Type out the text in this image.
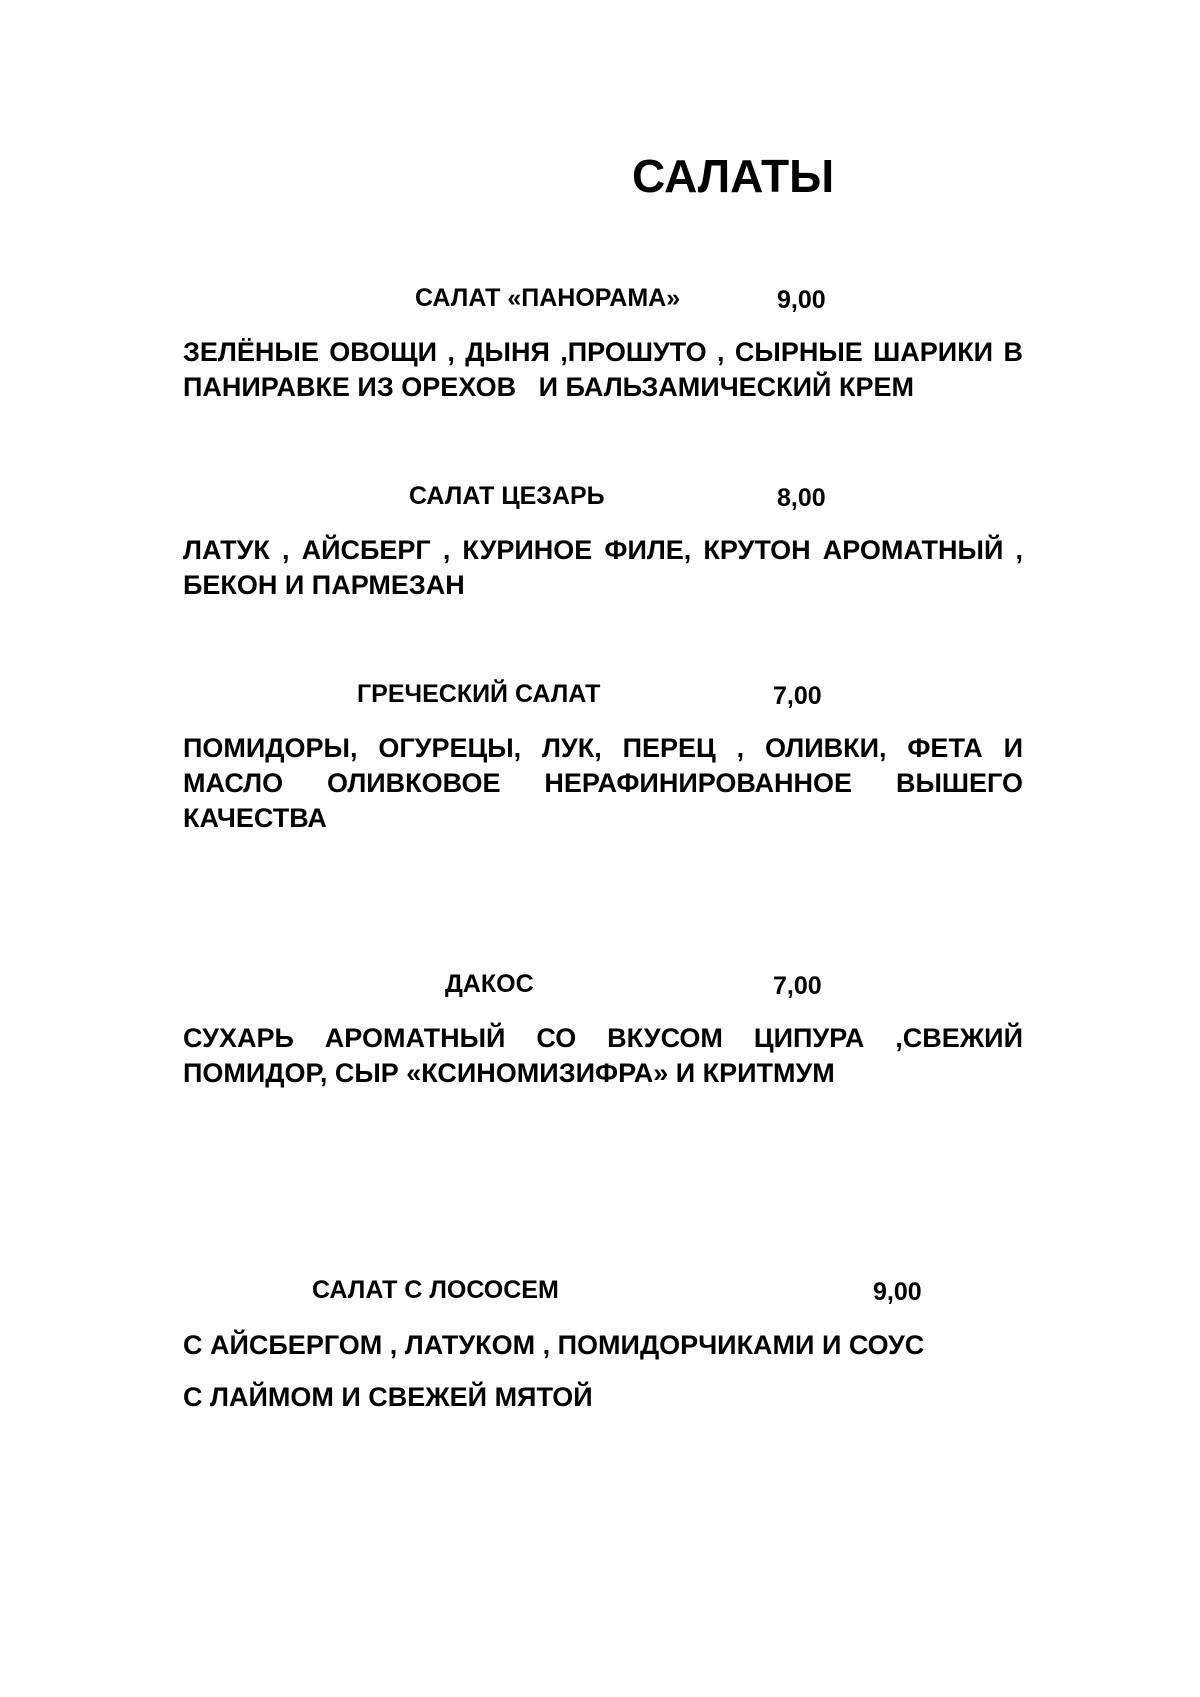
САЛАТЫ
САЛАТ «ПАНОРАМА»	9,00

ЗЕЛЁНЫЕ ОВОЩИ , ДЫНЯ ,ПРОШУТО , СЫРНЫЕ ШАРИКИ В ПАНИРАВКЕ ИЗ ОРЕХОВ   И БАЛЬЗАМИЧЕСКИЙ КРЕМ

САЛАТ ЦЕЗАРЬ	8,00

ЛАТУК , АЙСБЕРГ , КУРИНОЕ ФИЛЕ, КРУТОН АРОМАТНЫЙ , БЕКОН И ПАРМЕЗАН

ГРЕЧЕСКИЙ САЛАТ	7,00

ПОМИДОРЫ, ОГУРЕЦЫ, ЛУК, ПЕРЕЦ , ОЛИВКИ, ФЕТА И МАСЛО ОЛИВКОВОЕ НЕРАФИНИРОВАННОЕ ВЫШЕГО КАЧЕСТВА

ДАКОС	7,00

СУХАРЬ АРОМАТНЫЙ СО ВКУСОМ ЦИПУРА ,СВЕЖИЙ ПОМИДОР, СЫР «КСИНОМИЗИФРА» И КРИТМУМ

САЛАТ С ЛОСОСЕМ	9,00
С АЙСБЕРГОМ , ЛАТУКОМ , ПОМИДОРЧИКАМИ И СОУС
С ЛАЙМОМ И СВЕЖЕЙ МЯТОЙ
